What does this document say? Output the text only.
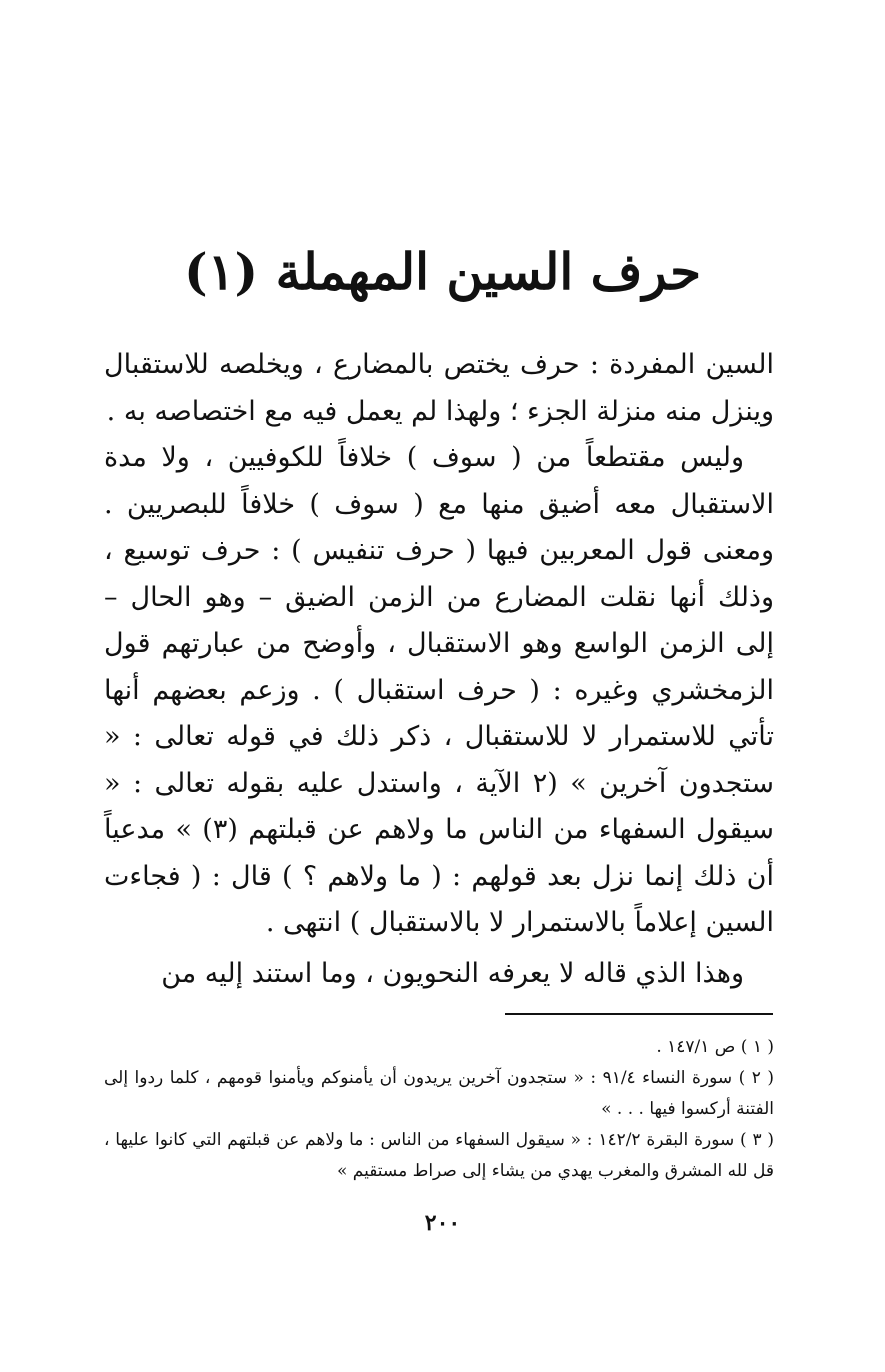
حرف السين المهملة (١)

السين المفردة : حرف يختص بالمضارع ، ويخلصه للاستقبال وينزل منه منزلة الجزء ؛ ولهذا لم يعمل فيه مع اختصاصه به .

وليس مقتطعاً من ( سوف ) خلافاً للكوفيين ، ولا مدة الاستقبال معه أضيق منها مع ( سوف ) خلافاً للبصريين . ومعنى قول المعربين فيها ( حرف تنفيس ) : حرف توسيع ، وذلك أنها نقلت المضارع من الزمن الضيق – وهو الحال – إلى الزمن الواسع وهو الاستقبال ، وأوضح من عبارتهم قول الزمخشري وغيره : ( حرف استقبال ) . وزعم بعضهم أنها تأتي للاستمرار لا للاستقبال ، ذكر ذلك في قوله تعالى : « ستجدون آخرين » (٢ الآية ، واستدل عليه بقوله تعالى : « سيقول السفهاء من الناس ما ولاهم عن قبلتهم (٣) » مدعياً أن ذلك إنما نزل بعد قولهم : ( ما ولاهم ؟ ) قال : ( فجاءت السين إعلاماً بالاستمرار لا بالاستقبال ) انتهى .

وهذا الذي قاله لا يعرفه النحويون ، وما استند إليه من

( ١ ) ص ١٤٧/١ .

( ٢ ) سورة النساء ٩١/٤ : « ستجدون آخرين يريدون أن يأمنوكم ويأمنوا قومهم ، كلما ردوا إلى الفتنة أركسوا فيها . . . »

( ٣ ) سورة البقرة ١٤٢/٢ : « سيقول السفهاء من الناس : ما ولاهم عن قبلتهم التي كانوا عليها ، قل لله المشرق والمغرب يهدي من يشاء إلى صراط مستقيم »

٢٠٠
